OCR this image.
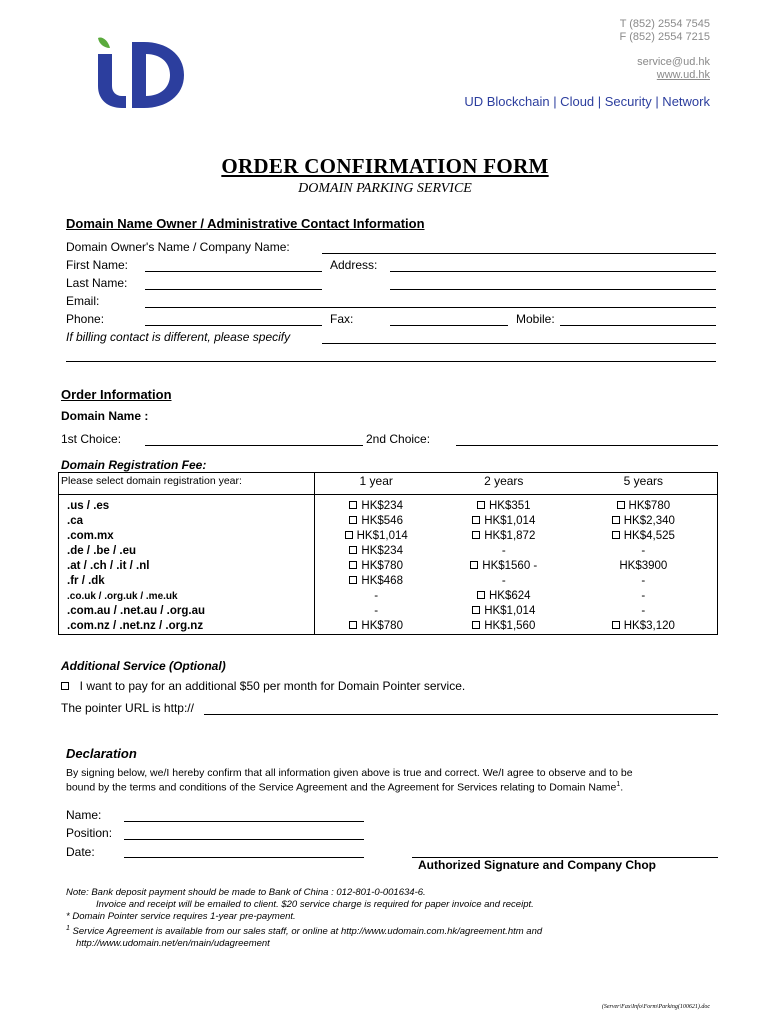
T (852) 2554 7545
F (852) 2554 7215
service@ud.hk
www.ud.hk
UD Blockchain | Cloud | Security | Network
ORDER CONFIRMATION FORM
DOMAIN PARKING SERVICE
Domain Name Owner / Administrative Contact Information
Domain Owner's Name / Company Name:
First Name:	Address:
Last Name:
Email:
Phone:	Fax:	Mobile:
If billing contact is different, please specify
Order Information
Domain Name :
1st Choice:	2nd Choice:
Domain Registration Fee:
Please select domain registration year:	1 year	2 years	5 years
.us / .es	HK$234	HK$351	HK$780
.ca	HK$546	HK$1,014	HK$2,340
.com.mx	HK$1,014	HK$1,872	HK$4,525
.de / .be / .eu	HK$234	-	-
.at / .ch / .it / .nl	HK$780	HK$1560 -	HK$3900
.fr / .dk	HK$468	-	-
.co.uk / .org.uk / .me.uk	-	HK$624	-
.com.au / .net.au / .org.au	-	HK$1,014	-
.com.nz / .net.nz / .org.nz	HK$780	HK$1,560	HK$3,120
Additional Service (Optional)
I want to pay for an additional $50 per month for Domain Pointer service.
The pointer URL is http://
Declaration
By signing below, we/I hereby confirm that all information given above is true and correct. We/I agree to observe and to be
bound by the terms and conditions of the Service Agreement and the Agreement for Services relating to Domain Name$^1$.
Name:
Position:
Date:
Authorized Signature and Company Chop
Note: Bank deposit payment should be made to Bank of China : 012-801-0-001634-6.
Invoice and receipt will be emailed to client. $20 service charge is required for paper invoice and receipt.
* Domain Pointer service requires 1-year pre-payment.
$^1$ Service Agreement is available from our sales staff, or online at http://www.udomain.com.hk/agreement.htm and
http://www.udomain.net/en/main/udagreement
(Server\Fax\Info\Form\Parking(100621).doc
